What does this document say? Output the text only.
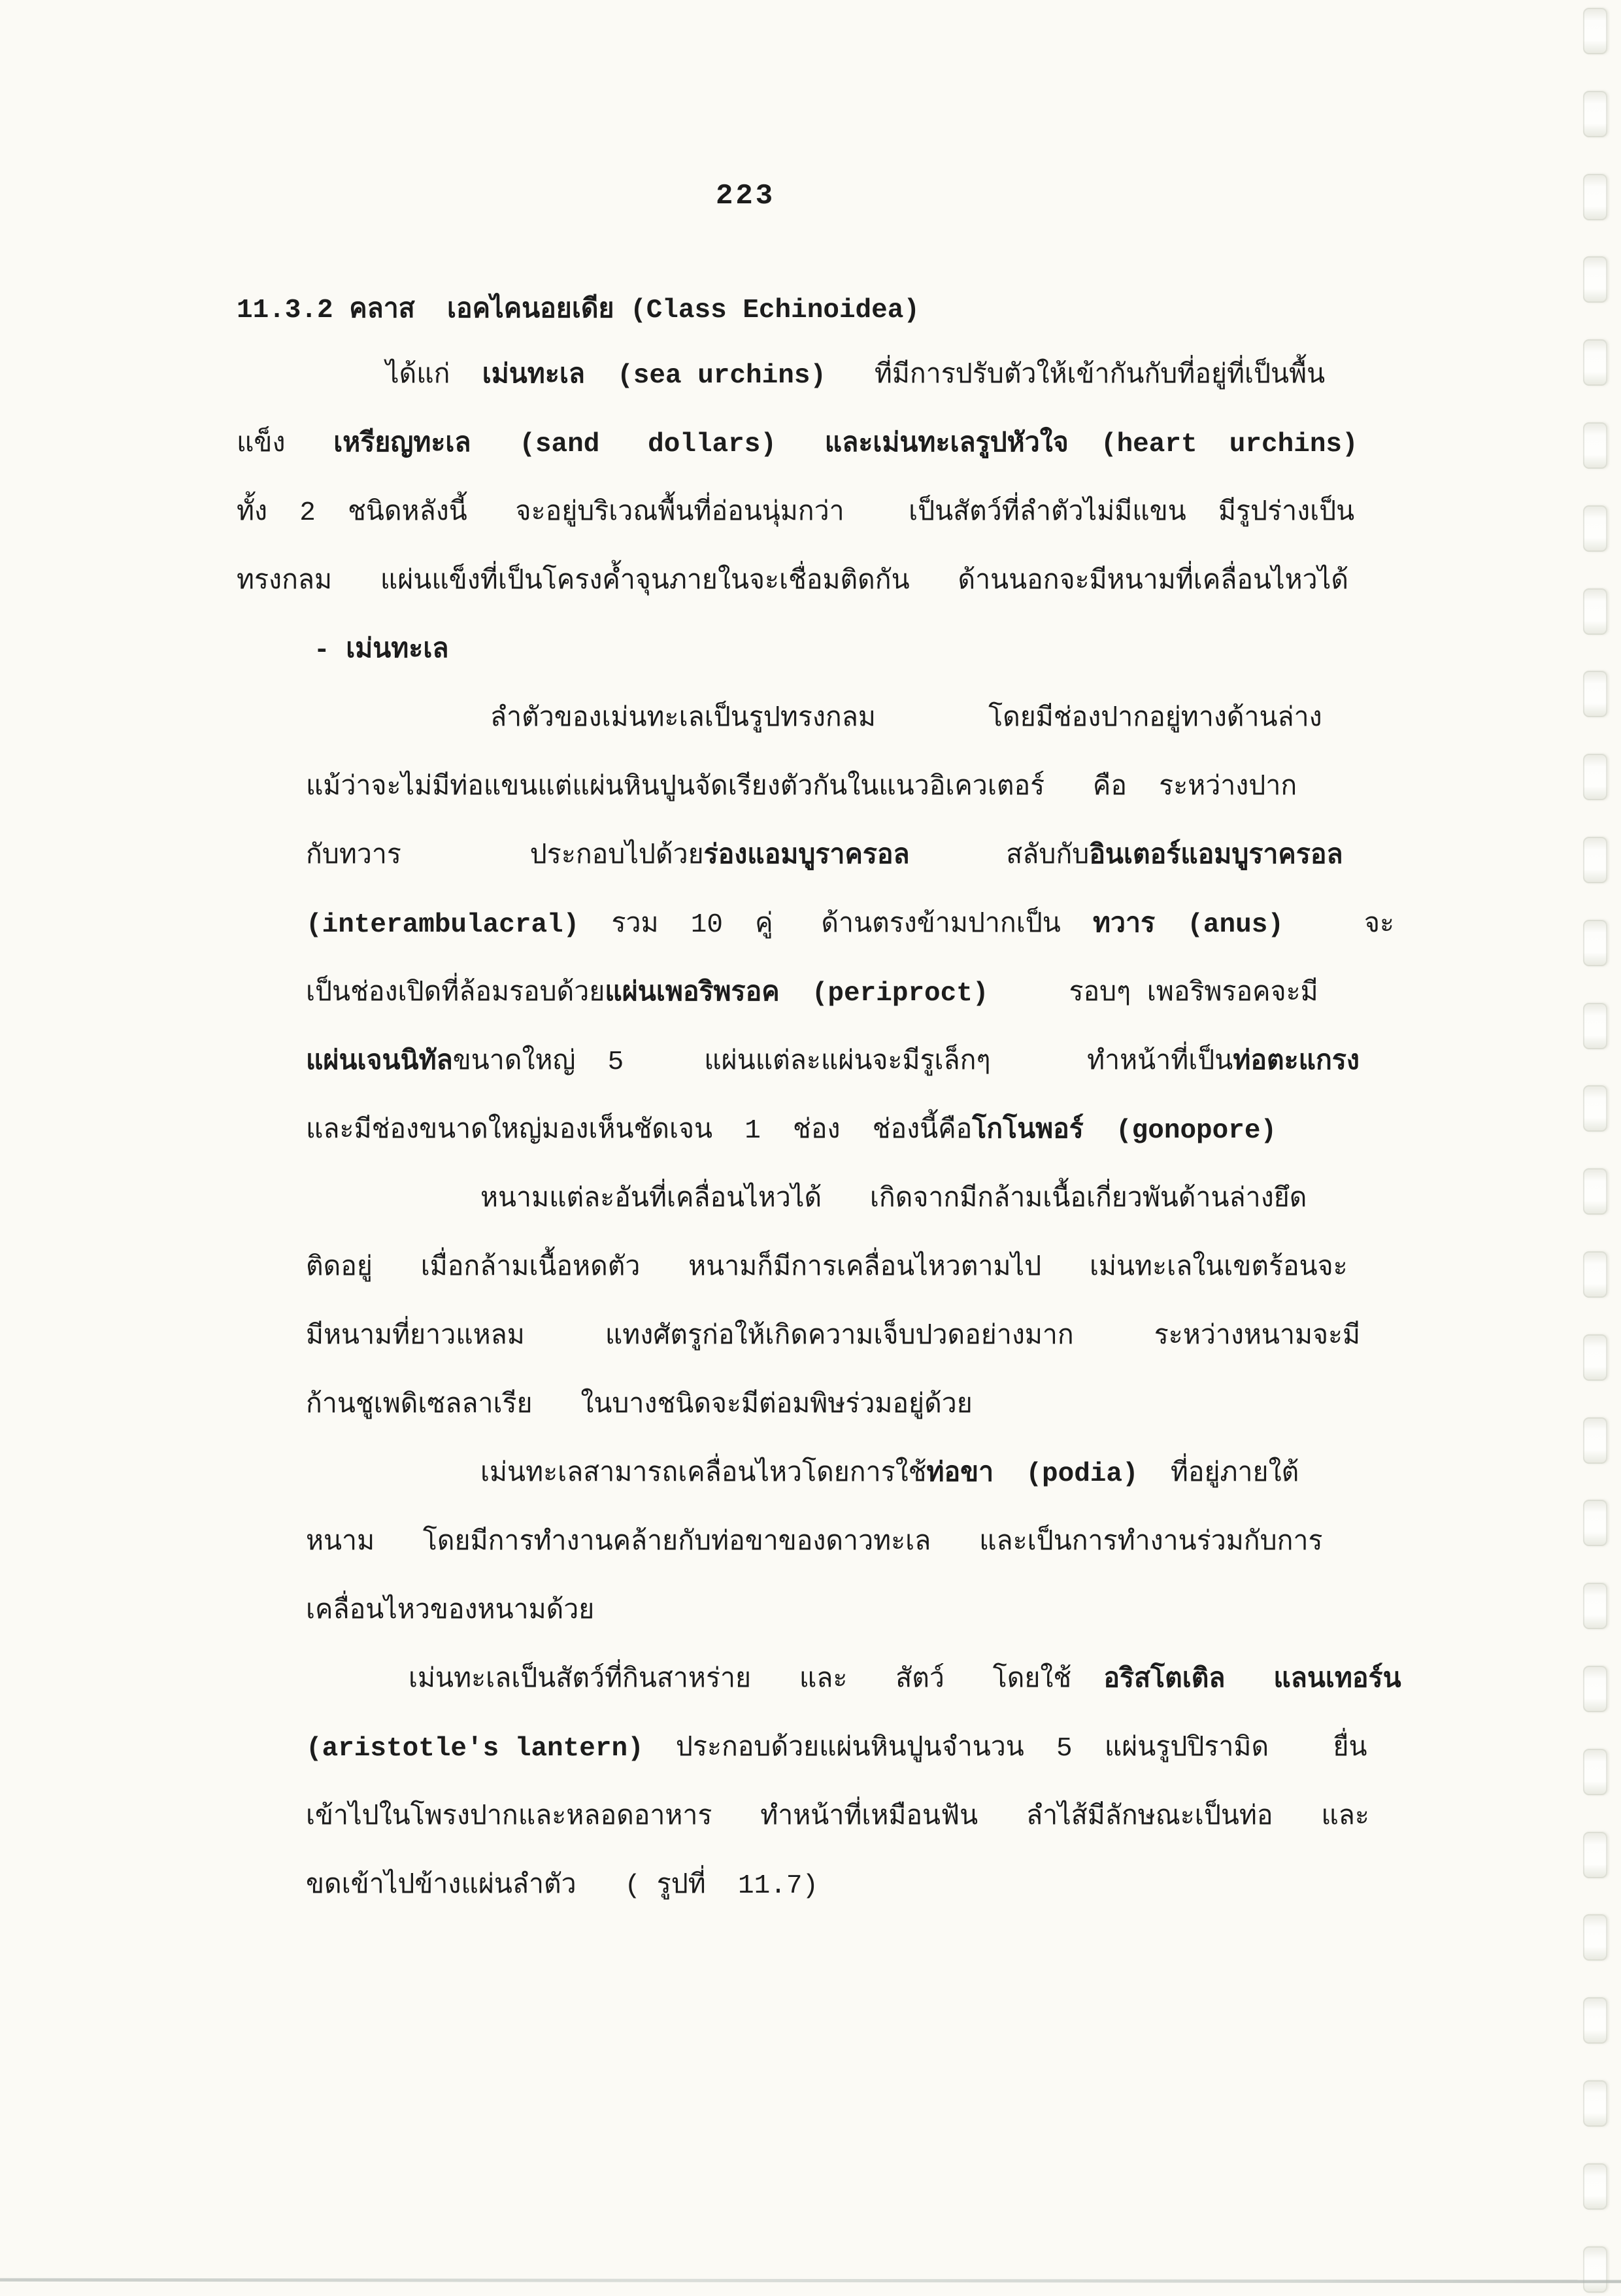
223
11.3.2 คลาส  เอคไคนอยเดีย (Class Echinoidea)
ได้แก่  เม่นทะเล  (sea urchins)   ที่มีการปรับตัวให้เข้ากันกับที่อยู่ที่เป็นพื้น
แข็ง   เหรียญทะเล   (sand   dollars)   และเม่นทะเลรูปหัวใจ  (heart  urchins)
ทั้ง  2  ชนิดหลังนี้   จะอยู่บริเวณพื้นที่อ่อนนุ่มกว่า    เป็นสัตว์ที่ลำตัวไม่มีแขน  มีรูปร่างเป็น
ทรงกลม   แผ่นแข็งที่เป็นโครงค้ำจุนภายในจะเชื่อมติดกัน   ด้านนอกจะมีหนามที่เคลื่อนไหวได้
- เม่นทะเล
ลำตัวของเม่นทะเลเป็นรูปทรงกลม       โดยมีช่องปากอยู่ทางด้านล่าง
แม้ว่าจะไม่มีท่อแขนแต่แผ่นหินปูนจัดเรียงตัวกันในแนวอิเควเตอร์   คือ  ระหว่างปาก
กับทวาร        ประกอบไปด้วยร่องแอมบูราครอล      สลับกับอินเตอร์แอมบูราครอล
(interambulacral)  รวม  10  คู่   ด้านตรงข้ามปากเป็น  ทวาร  (anus)     จะ
เป็นช่องเปิดที่ล้อมรอบด้วยแผ่นเพอริพรอค  (periproct)     รอบๆ เพอริพรอคจะมี
แผ่นเจนนิทัลขนาดใหญ่  5     แผ่นแต่ละแผ่นจะมีรูเล็กๆ      ทำหน้าที่เป็นท่อตะแกรง
และมีช่องขนาดใหญ่มองเห็นชัดเจน  1  ช่อง  ช่องนี้คือโกโนพอร์  (gonopore)
หนามแต่ละอันที่เคลื่อนไหวได้   เกิดจากมีกล้ามเนื้อเกี่ยวพันด้านล่างยึด
ติดอยู่   เมื่อกล้ามเนื้อหดตัว   หนามก็มีการเคลื่อนไหวตามไป   เม่นทะเลในเขตร้อนจะ
มีหนามที่ยาวแหลม     แทงศัตรูก่อให้เกิดความเจ็บปวดอย่างมาก     ระหว่างหนามจะมี
ก้านชูเพดิเซลลาเรีย   ในบางชนิดจะมีต่อมพิษร่วมอยู่ด้วย
เม่นทะเลสามารถเคลื่อนไหวโดยการใช้ท่อขา  (podia)  ที่อยู่ภายใต้
หนาม   โดยมีการทำงานคล้ายกับท่อขาของดาวทะเล   และเป็นการทำงานร่วมกับการ
เคลื่อนไหวของหนามด้วย
เม่นทะเลเป็นสัตว์ที่กินสาหร่าย   และ   สัตว์   โดยใช้  อริสโตเติล   แลนเทอร์น
(aristotle's lantern)  ประกอบด้วยแผ่นหินปูนจำนวน  5  แผ่นรูปปิรามิด    ยื่น
เข้าไปในโพรงปากและหลอดอาหาร   ทำหน้าที่เหมือนฟัน   ลำไส้มีลักษณะเป็นท่อ   และ
ขดเข้าไปข้างแผ่นลำตัว   ( รูปที่  11.7)
